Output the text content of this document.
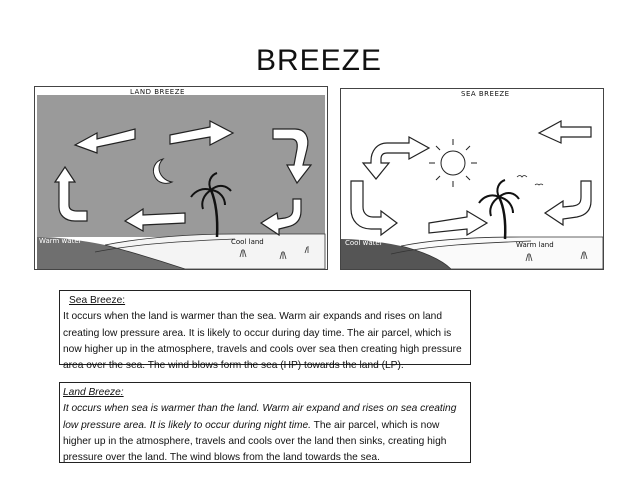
BREEZE
LAND BREEZE
Warm water	Cool land
SEA BREEZE
Cool water	Warm land
Sea Breeze:
It occurs when the land is warmer than the sea. Warm air expands and rises on land creating low pressure area. It is likely to occur during day time. The air parcel, which is now higher up in the atmosphere, travels and cools over sea then creating high pressure area over the sea. The wind blows form the sea (HP) towards the land (LP).
Land Breeze:
It occurs when sea is warmer than the land. Warm air expand and rises on sea creating low pressure area. It is likely to occur during night time. The air parcel, which is now higher up in the atmosphere, travels and cools over the land then sinks, creating high pressure over the land. The wind blows from the land towards the sea.
